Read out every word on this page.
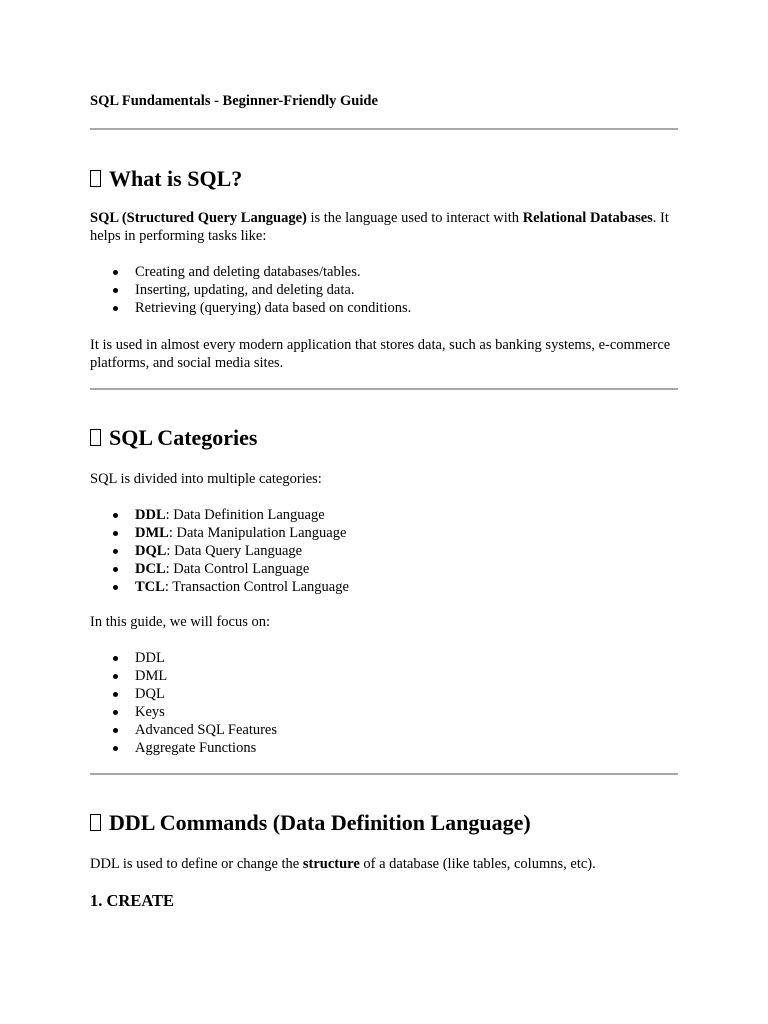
SQL Fundamentals - Beginner-Friendly Guide
What is SQL?

SQL (Structured Query Language) is the language used to interact with Relational Databases. It helps in performing tasks like:

Creating and deleting databases/tables.
Inserting, updating, and deleting data.
Retrieving (querying) data based on conditions.

It is used in almost every modern application that stores data, such as banking systems, e-commerce platforms, and social media sites.

SQL Categories

SQL is divided into multiple categories:

DDL: Data Definition Language
DML: Data Manipulation Language
DQL: Data Query Language
DCL: Data Control Language
TCL: Transaction Control Language

In this guide, we will focus on:

DDL
DML
DQL
Keys
Advanced SQL Features
Aggregate Functions
DDL Commands (Data Definition Language)

DDL is used to define or change the structure of a database (like tables, columns, etc).

1. CREATE
